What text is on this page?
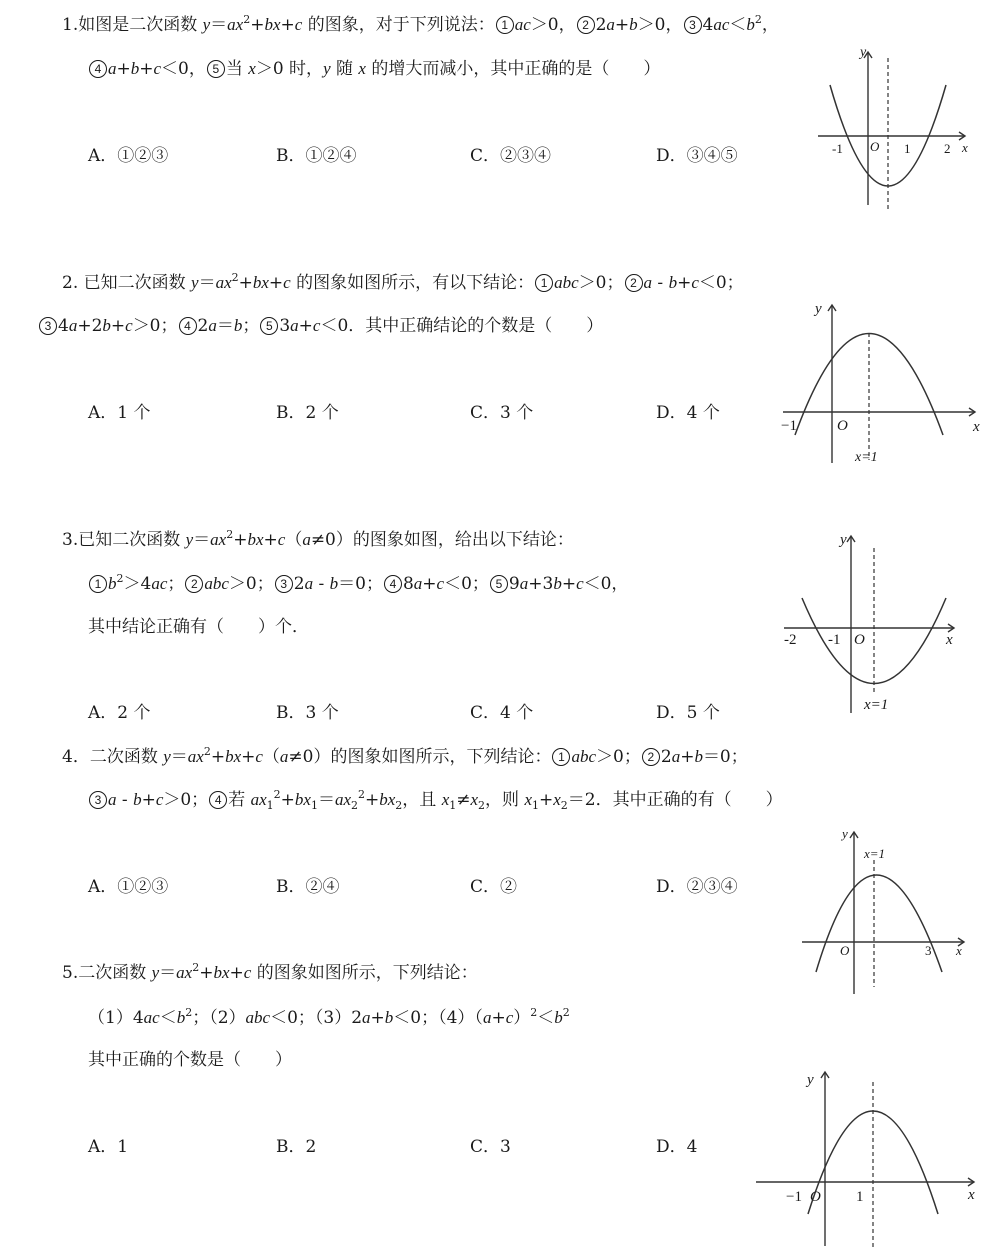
1.如图是二次函数 $y=ax^2+bx+c$ 的图象，对于下列说法： 1 ac＞0， 2 2a+b＞0， 3 $4ac<b^2$，
4 a+b+c＜0， 5 当 x＞0 时，y 随 x 的增大而减小，其中正确的是（　　）
A．①②③	B．①②④	C．②③④	D．③④⑤
y
x
O
-1	1	2
2. 已知二次函数 $y=ax^2+bx+c$ 的图象如图所示，有以下结论： 1 abc＞0； 2 a - b+c＜0；
3 4a+2b+c＞0； 4 2a＝b； 5 3a+c＜0．其中正确结论的个数是（　　）
A．1 个	B．2 个	C．3 个	D．4 个
y
x
O
−1
x=1
3.已知二次函数 $y=ax^2+bx+c(a\ne 0)$的图象如图，给出以下结论：
1 $b^2>4ac$； 2 abc＞0； 3 2a - b＝0； 4 8a+c＜0； 5 9a+3b+c＜0，
其中结论正确有（　　）个．
A．2 个	B．3 个	C．4 个	D．5 个
y
x
O
-2 -1
x=1
4．二次函数 $y=ax^2+bx+c(a\ne 0)$的图象如图所示，下列结论： 1 abc＞0； 2 2a+b＝0；
3 a - b+c＞0； 4 若 $ax_1^2+bx_1=ax_2^2+bx_2$，且 $x_1\ne x_2$，则 $x_1+x_2=2$．其中正确的有（　　）
A．①②③	B．②④	C．②	D．②③④
y
x
O	3
x=1
5.二次函数 $y=ax^2+bx+c$ 的图象如图所示，下列结论：
$(1)4ac<b^2$；（2）abc＜0；（3）2a+b＜0；$(4)(a+c)^2<b^2$
其中正确的个数是（　　）
A．1	B．2	C．3	D．4
y
x
O
−1	1
